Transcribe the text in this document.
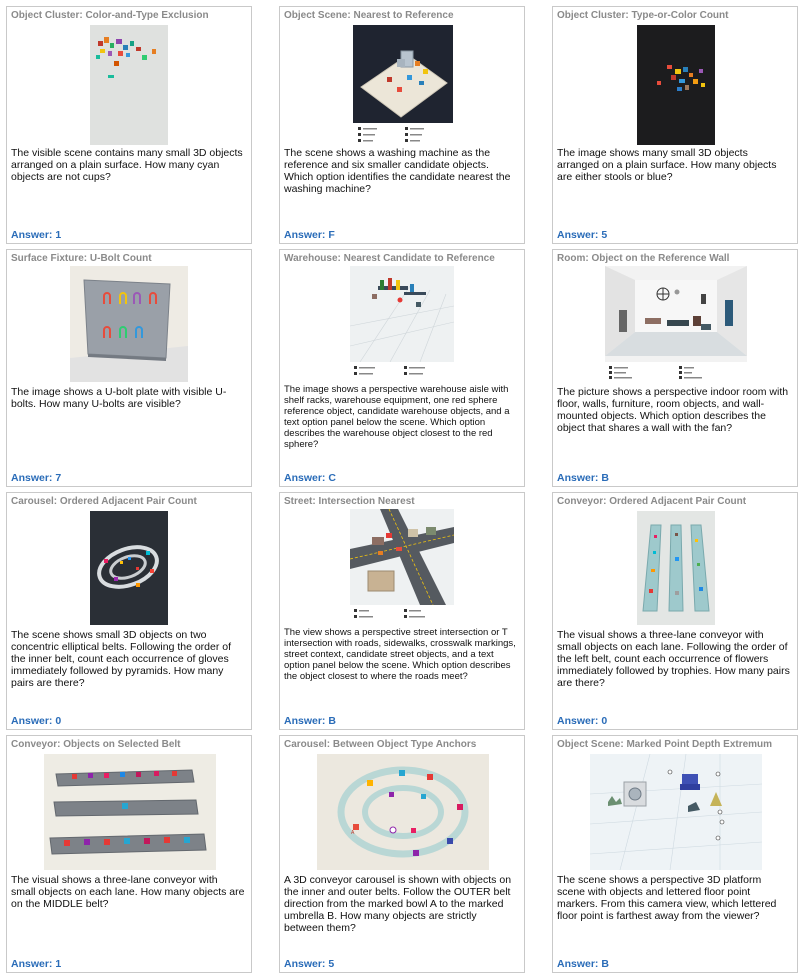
Object Cluster: Color-and-Type Exclusion
The visible scene contains many small 3D objects arranged on a plain surface. How many cyan objects are not cups?
Answer: 1
Object Scene: Nearest to Reference
The scene shows a washing machine as the reference and six smaller candidate objects. Which option identifies the candidate nearest the washing machine?
Answer: F
Object Cluster: Type-or-Color Count
The image shows many small 3D objects arranged on a plain surface. How many objects are either stools or blue?
Answer: 5
Surface Fixture: U-Bolt Count
The image shows a U-bolt plate with visible U-bolts. How many U-bolts are visible?
Answer: 7
Warehouse: Nearest Candidate to Reference
The image shows a perspective warehouse aisle with shelf racks, warehouse equipment, one red sphere reference object, candidate warehouse objects, and a text option panel below the scene. Which option describes the warehouse object closest to the red sphere?
Answer: C
Room: Object on the Reference Wall
The picture shows a perspective indoor room with floor, walls, furniture, room objects, and wall-mounted objects. Which option describes the object that shares a wall with the fan?
Answer: B
Carousel: Ordered Adjacent Pair Count
The scene shows small 3D objects on two concentric elliptical belts. Following the order of the inner belt, count each occurrence of gloves immediately followed by pyramids. How many pairs are there?
Answer: 0
Street: Intersection Nearest
The view shows a perspective street intersection or T intersection with roads, sidewalks, crosswalk markings, street context, candidate street objects, and a text option panel below the scene. Which option describes the object closest to where the roads meet?
Answer: B
Conveyor: Ordered Adjacent Pair Count
The visual shows a three-lane conveyor with small objects on each lane. Following the order of the left belt, count each occurrence of flowers immediately followed by trophies. How many pairs are there?
Answer: 0
Conveyor: Objects on Selected Belt
The visual shows a three-lane conveyor with small objects on each lane. How many objects are on the MIDDLE belt?
Answer: 1
Carousel: Between Object Type Anchors
A
A 3D conveyor carousel is shown with objects on the inner and outer belts. Follow the OUTER belt direction from the marked bowl A to the marked umbrella B. How many objects are strictly between them?
Answer: 5
Object Scene: Marked Point Depth Extremum
The scene shows a perspective 3D platform scene with objects and lettered floor point markers. From this camera view, which lettered floor point is farthest away from the viewer?
Answer: B
